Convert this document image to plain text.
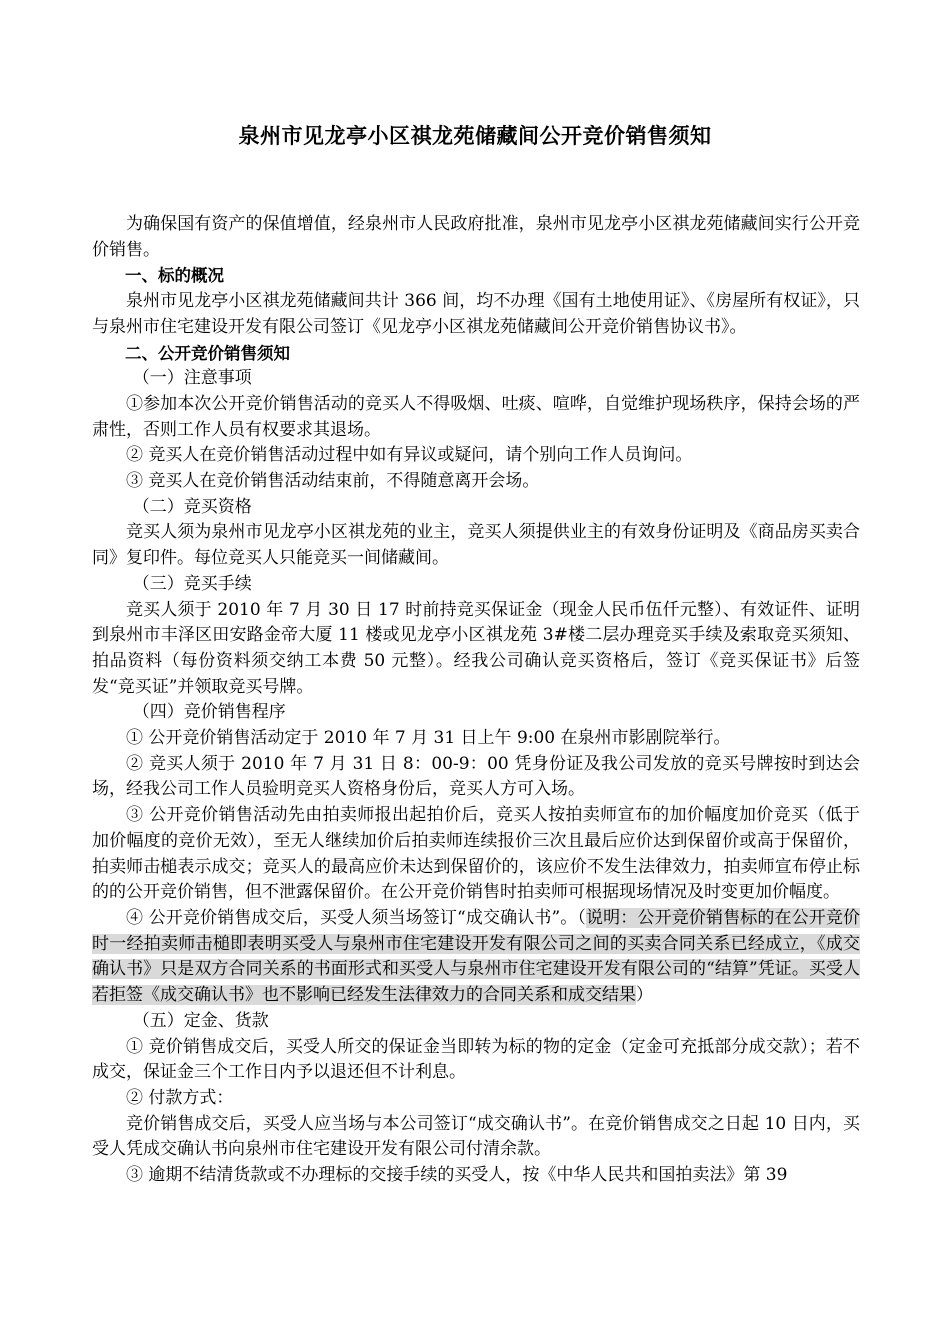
泉州市见龙亭小区祺龙苑储藏间公开竞价销售须知

为确保国有资产的保值增值，经泉州市人民政府批准，泉州市见龙亭小区祺龙苑储藏间实行公开竞价销售。

一、标的概况

泉州市见龙亭小区祺龙苑储藏间共计 366 间，均不办理《国有土地使用证》、《房屋所有权证》，只与泉州市住宅建设开发有限公司签订《见龙亭小区祺龙苑储藏间公开竞价销售协议书》。

二、公开竞价销售须知

（一）注意事项

①参加本次公开竞价销售活动的竞买人不得吸烟、吐痰、喧哗，自觉维护现场秩序，保持会场的严肃性，否则工作人员有权要求其退场。

② 竞买人在竞价销售活动过程中如有异议或疑问，请个别向工作人员询问。

③ 竞买人在竞价销售活动结束前，不得随意离开会场。

（二）竞买资格

竞买人须为泉州市见龙亭小区祺龙苑的业主，竞买人须提供业主的有效身份证明及《商品房买卖合同》复印件。每位竞买人只能竞买一间储藏间。

（三）竞买手续

竞买人须于 2010 年 7 月 30 日 17 时前持竞买保证金（现金人民币伍仟元整）、有效证件、证明到泉州市丰泽区田安路金帝大厦 11 楼或见龙亭小区祺龙苑 3#楼二层办理竞买手续及索取竞买须知、拍品资料（每份资料须交纳工本费 50 元整）。经我公司确认竞买资格后，签订《竞买保证书》后签发“竞买证”并领取竞买号牌。

（四）竞价销售程序

① 公开竞价销售活动定于 2010 年 7 月 31 日上午 9:00 在泉州市影剧院举行。

② 竞买人须于 2010 年 7 月 31 日 8：00-9：00 凭身份证及我公司发放的竞买号牌按时到达会场，经我公司工作人员验明竞买人资格身份后，竞买人方可入场。

③ 公开竞价销售活动先由拍卖师报出起拍价后，竞买人按拍卖师宣布的加价幅度加价竞买（低于加价幅度的竞价无效），至无人继续加价后拍卖师连续报价三次且最后应价达到保留价或高于保留价，拍卖师击槌表示成交；竞买人的最高应价未达到保留价的，该应价不发生法律效力，拍卖师宣布停止标的的公开竞价销售，但不泄露保留价。在公开竞价销售时拍卖师可根据现场情况及时变更加价幅度。

④ 公开竞价销售成交后，买受人须当场签订“成交确认书”。（说明：公开竞价销售标的在公开竞价时一经拍卖师击槌即表明买受人与泉州市住宅建设开发有限公司之间的买卖合同关系已经成立，《成交确认书》只是双方合同关系的书面形式和买受人与泉州市住宅建设开发有限公司的“结算”凭证。买受人若拒签《成交确认书》也不影响已经发生法律效力的合同关系和成交结果）

（五）定金、货款

① 竞价销售成交后，买受人所交的保证金当即转为标的物的定金（定金可充抵部分成交款）；若不成交，保证金三个工作日内予以退还但不计利息。

② 付款方式：

竞价销售成交后，买受人应当场与本公司签订“成交确认书”。在竞价销售成交之日起 10 日内，买受人凭成交确认书向泉州市住宅建设开发有限公司付清余款。

③ 逾期不结清货款或不办理标的交接手续的买受人，按《中华人民共和国拍卖法》第 39
